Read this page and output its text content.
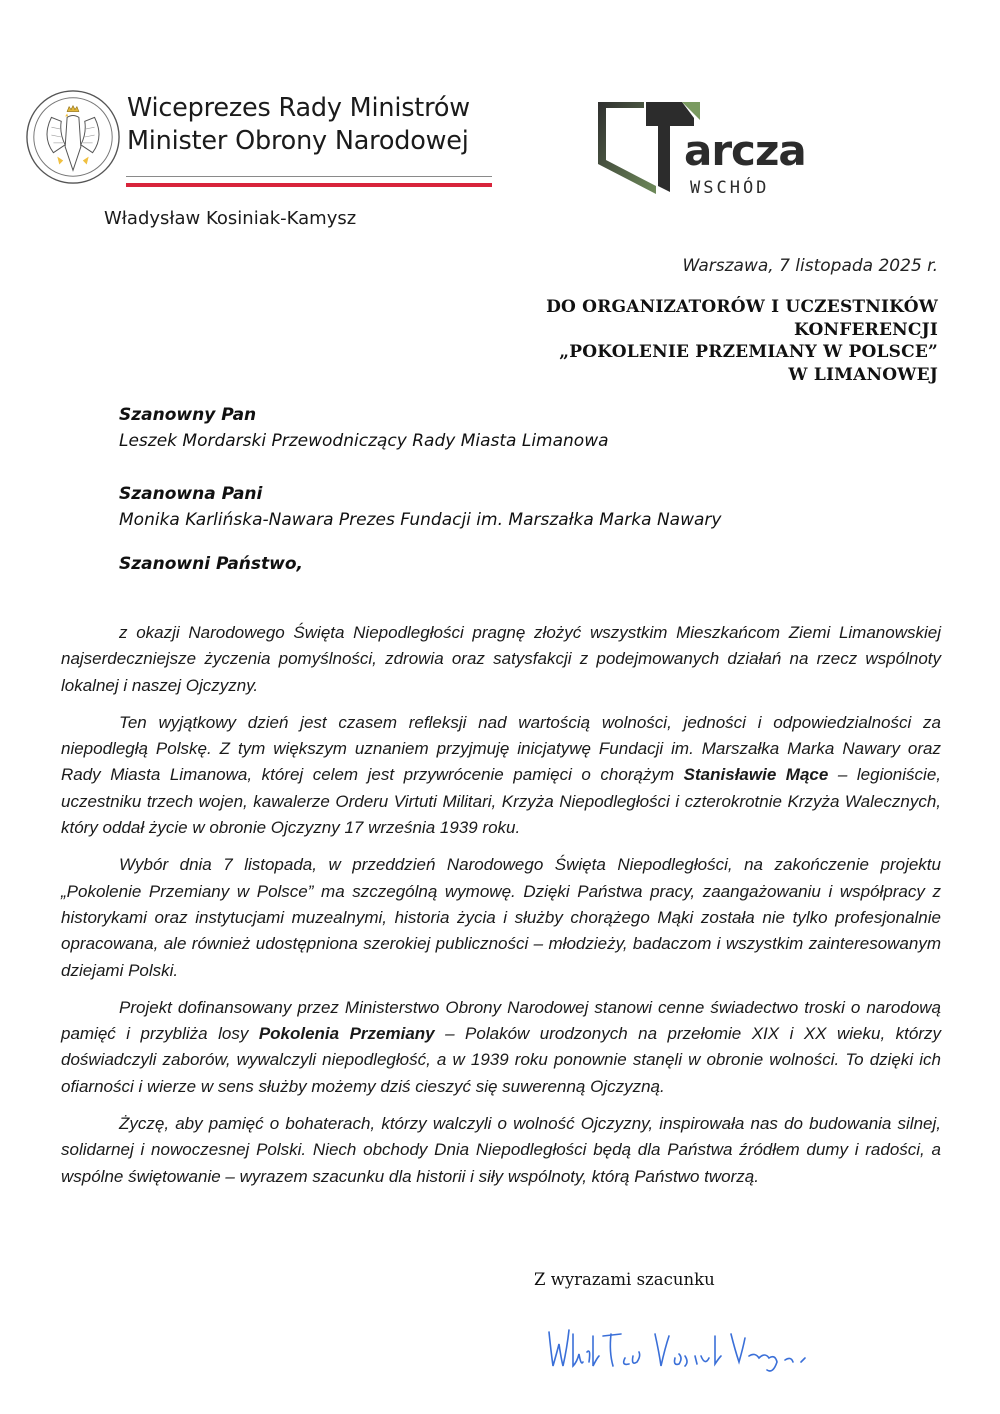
Wiceprezes Rady Ministrów
Minister Obrony Narodowej
Władysław Kosiniak-Kamysz
arcza
WSCHÓD
Warszawa, 7 listopada 2025 r.
DO ORGANIZATORÓW I UCZESTNIKÓW
KONFERENCJI
„POKOLENIE PRZEMIANY W POLSCE”
W LIMANOWEJ
Szanowny Pan
Leszek Mordarski Przewodniczący Rady Miasta Limanowa
Szanowna Pani
Monika Karlińska-Nawara Prezes Fundacji im. Marszałka Marka Nawary
Szanowni Państwo,

z okazji Narodowego Święta Niepodległości pragnę złożyć wszystkim Mieszkańcom Ziemi Limanowskiej najserdeczniejsze życzenia pomyślności, zdrowia oraz satysfakcji z podejmowanych działań na rzecz wspólnoty lokalnej i naszej Ojczyzny.

Ten wyjątkowy dzień jest czasem refleksji nad wartością wolności, jedności i odpowiedzialności za niepodległą Polskę. Z tym większym uznaniem przyjmuję inicjatywę Fundacji im. Marszałka Marka Nawary oraz Rady Miasta Limanowa, której celem jest przywrócenie pamięci o chorążym Stanisławie Mące – legioniście, uczestniku trzech wojen, kawalerze Orderu Virtuti Militari, Krzyża Niepodległości i czterokrotnie Krzyża Walecznych, który oddał życie w obronie Ojczyzny 17 września 1939 roku.

Wybór dnia 7 listopada, w przeddzień Narodowego Święta Niepodległości, na zakończenie projektu „Pokolenie Przemiany w Polsce” ma szczególną wymowę. Dzięki Państwa pracy, zaangażowaniu i współpracy z historykami oraz instytucjami muzealnymi, historia życia i służby chorążego Mąki została nie tylko profesjonalnie opracowana, ale również udostępniona szerokiej publiczności – młodzieży, badaczom i wszystkim zainteresowanym dziejami Polski.

Projekt dofinansowany przez Ministerstwo Obrony Narodowej stanowi cenne świadectwo troski o narodową pamięć i przybliża losy Pokolenia Przemiany – Polaków urodzonych na przełomie XIX i XX wieku, którzy doświadczyli zaborów, wywalczyli niepodległość, a w 1939 roku ponownie stanęli w obronie wolności. To dzięki ich ofiarności i wierze w sens służby możemy dziś cieszyć się suwerenną Ojczyzną.

Życzę, aby pamięć o bohaterach, którzy walczyli o wolność Ojczyzny, inspirowała nas do budowania silnej, solidarnej i nowoczesnej Polski. Niech obchody Dnia Niepodległości będą dla Państwa źródłem dumy i radości, a wspólne świętowanie – wyrazem szacunku dla historii i siły wspólnoty, którą Państwo tworzą.

Z wyrazami szacunku
